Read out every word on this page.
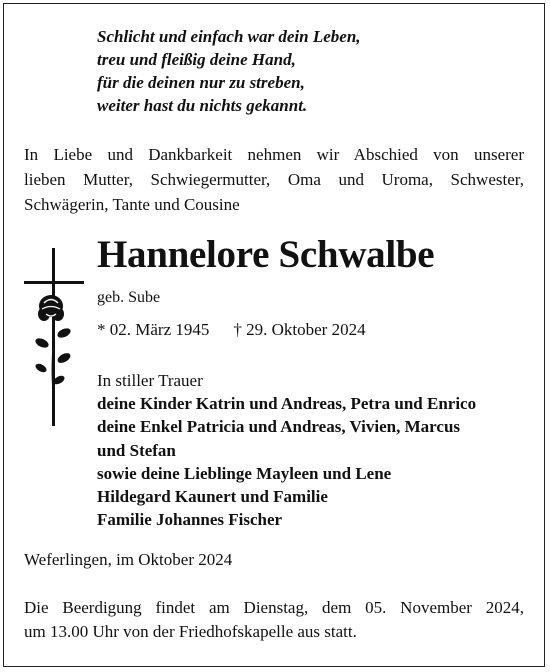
Schlicht und einfach war dein Leben,
treu und fleißig deine Hand,
für die deinen nur zu streben,
weiter hast du nichts gekannt.
In Liebe und Dankbarkeit nehmen wir Abschied von unserer
lieben Mutter, Schwiegermutter, Oma und Uroma, Schwester,
Schwägerin, Tante und Cousine
Hannelore Schwalbe
geb. Sube
* 02. März 1945 † 29. Oktober 2024
In stiller Trauer
deine Kinder Katrin und Andreas, Petra und Enrico
deine Enkel Patricia und Andreas, Vivien, Marcus
und Stefan
sowie deine Lieblinge Mayleen und Lene
Hildegard Kaunert und Familie
Familie Johannes Fischer
Weferlingen, im Oktober 2024
Die Beerdigung findet am Dienstag, dem 05. November 2024,
um 13.00 Uhr von der Friedhofskapelle aus statt.
